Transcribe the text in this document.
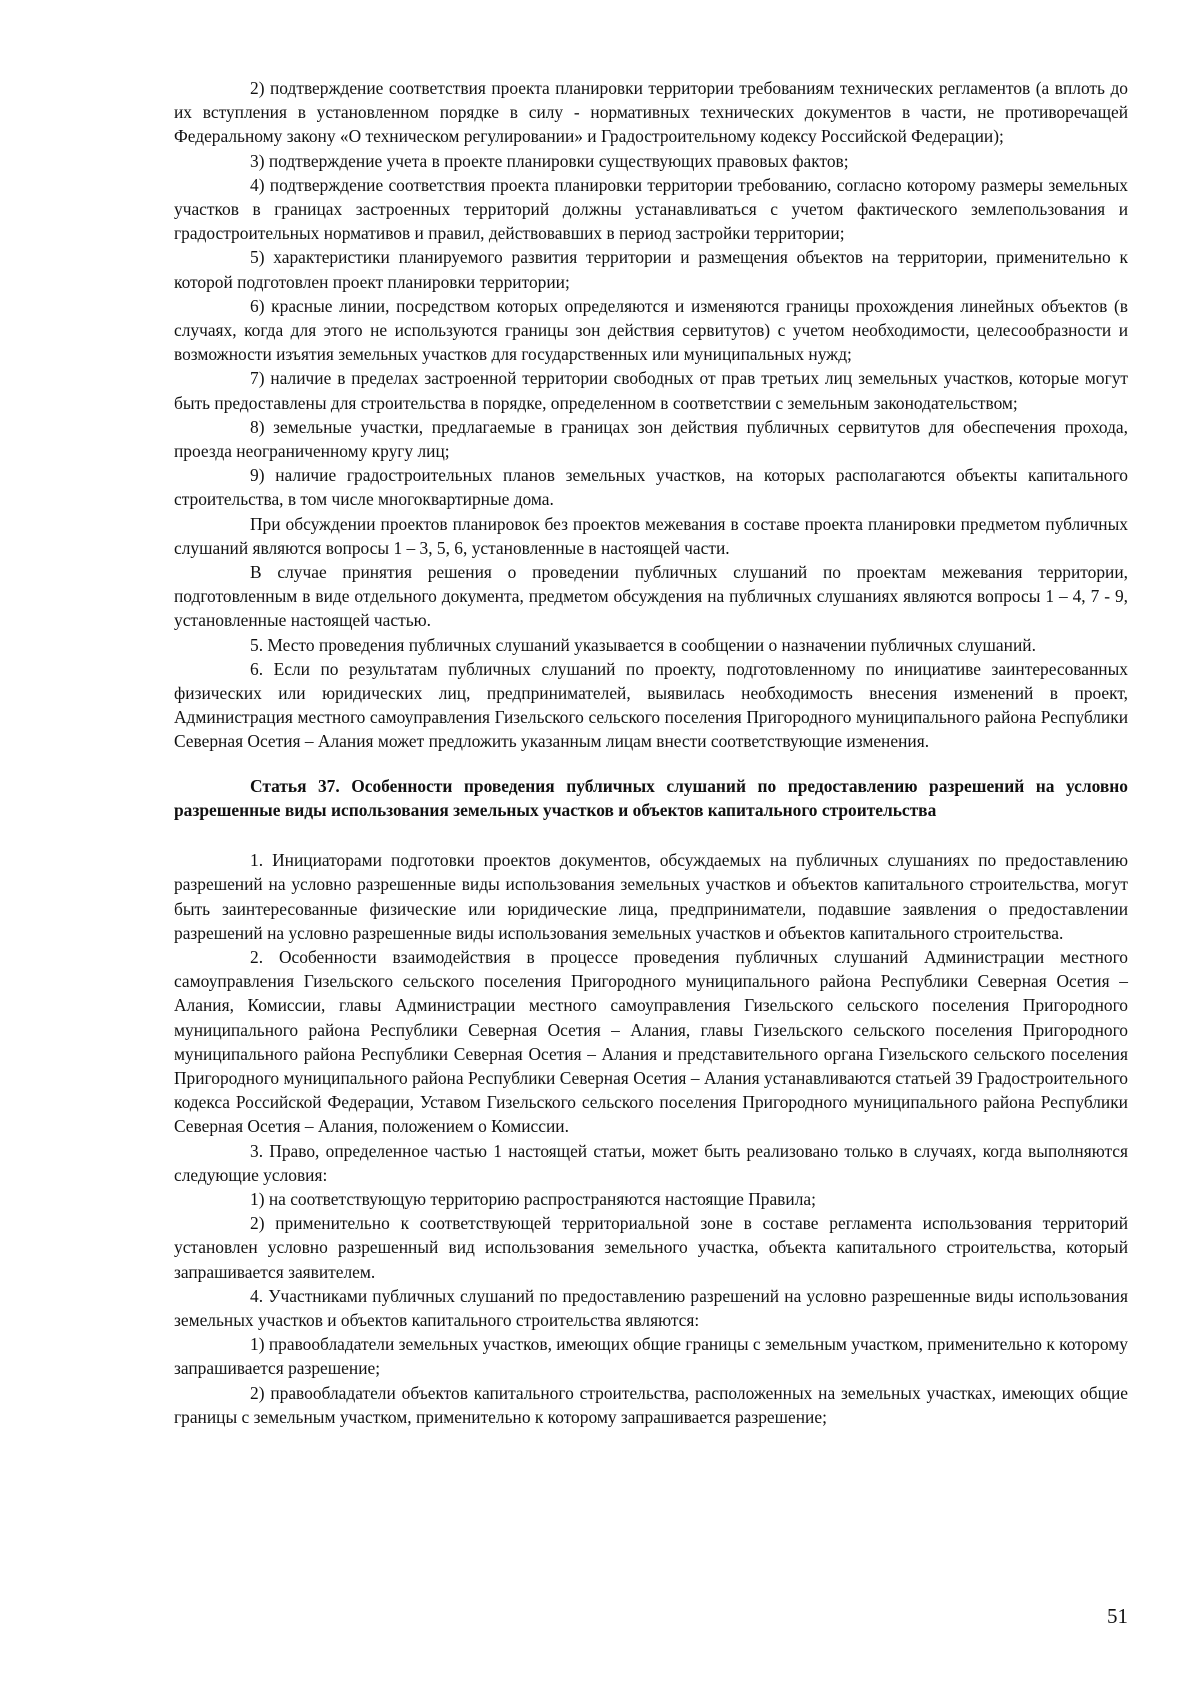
2) подтверждение соответствия проекта планировки территории требованиям технических регламентов (а вплоть до их вступления в установленном порядке в силу - нормативных технических документов в части, не противоречащей Федеральному закону «О техническом регулировании» и Градостроительному кодексу Российской Федерации);

3) подтверждение учета в проекте планировки существующих правовых фактов;

4) подтверждение соответствия проекта планировки территории требованию, согласно которому размеры земельных участков в границах застроенных территорий должны устанавливаться с учетом фактического землепользования и градостроительных нормативов и правил, действовавших в период застройки территории;

5) характеристики планируемого развития территории и размещения объектов на территории, применительно к которой подготовлен проект планировки территории;

6) красные линии, посредством которых определяются и изменяются границы прохождения линейных объектов (в случаях, когда для этого не используются границы зон действия сервитутов) с учетом необходимости, целесообразности и возможности изъятия земельных участков для государственных или муниципальных нужд;

7) наличие в пределах застроенной территории свободных от прав третьих лиц земельных участков, которые могут быть предоставлены для строительства в порядке, определенном в соответствии с земельным законодательством;

8) земельные участки, предлагаемые в границах зон действия публичных сервитутов для обеспечения прохода, проезда неограниченному кругу лиц;

9) наличие градостроительных планов земельных участков, на которых располагаются объекты капитального строительства, в том числе многоквартирные дома.

При обсуждении проектов планировок без проектов межевания в составе проекта планировки предметом публичных слушаний являются вопросы 1 – 3, 5, 6, установленные в настоящей части.

В случае принятия решения о проведении публичных слушаний по проектам межевания территории, подготовленным в виде отдельного документа, предметом обсуждения на публичных слушаниях являются вопросы 1 – 4, 7 - 9, установленные настоящей частью.

5. Место проведения публичных слушаний указывается в сообщении о назначении публичных слушаний.

6. Если по результатам публичных слушаний по проекту, подготовленному по инициативе заинтересованных физических или юридических лиц, предпринимателей, выявилась необходимость внесения изменений в проект, Администрация местного самоуправления Гизельского сельского поселения Пригородного муниципального района Республики Северная Осетия – Алания может предложить указанным лицам внести соответствующие изменения.

Статья 37. Особенности проведения публичных слушаний по предоставлению разрешений на условно разрешенные виды использования земельных участков и объектов капитального строительства

1. Инициаторами подготовки проектов документов, обсуждаемых на публичных слушаниях по предоставлению разрешений на условно разрешенные виды использования земельных участков и объектов капитального строительства, могут быть заинтересованные физические или юридические лица, предприниматели, подавшие заявления о предоставлении разрешений на условно разрешенные виды использования земельных участков и объектов капитального строительства.

2. Особенности взаимодействия в процессе проведения публичных слушаний Администрации местного самоуправления Гизельского сельского поселения Пригородного муниципального района Республики Северная Осетия – Алания, Комиссии, главы Администрации местного самоуправления Гизельского сельского поселения Пригородного муниципального района Республики Северная Осетия – Алания, главы Гизельского сельского поселения Пригородного муниципального района Республики Северная Осетия – Алания и представительного органа Гизельского сельского поселения Пригородного муниципального района Республики Северная Осетия – Алания устанавливаются статьей 39 Градостроительного кодекса Российской Федерации, Уставом Гизельского сельского поселения Пригородного муниципального района Республики Северная Осетия – Алания, положением о Комиссии.

3. Право, определенное частью 1 настоящей статьи, может быть реализовано только в случаях, когда выполняются следующие условия:

1) на соответствующую территорию распространяются настоящие Правила;

2) применительно к соответствующей территориальной зоне в составе регламента использования территорий установлен условно разрешенный вид использования земельного участка, объекта капитального строительства, который запрашивается заявителем.

4. Участниками публичных слушаний по предоставлению разрешений на условно разрешенные виды использования земельных участков и объектов капитального строительства являются:

1) правообладатели земельных участков, имеющих общие границы с земельным участком, применительно к которому запрашивается разрешение;

2) правообладатели объектов капитального строительства, расположенных на земельных участках, имеющих общие границы с земельным участком, применительно к которому запрашивается разрешение;

51
